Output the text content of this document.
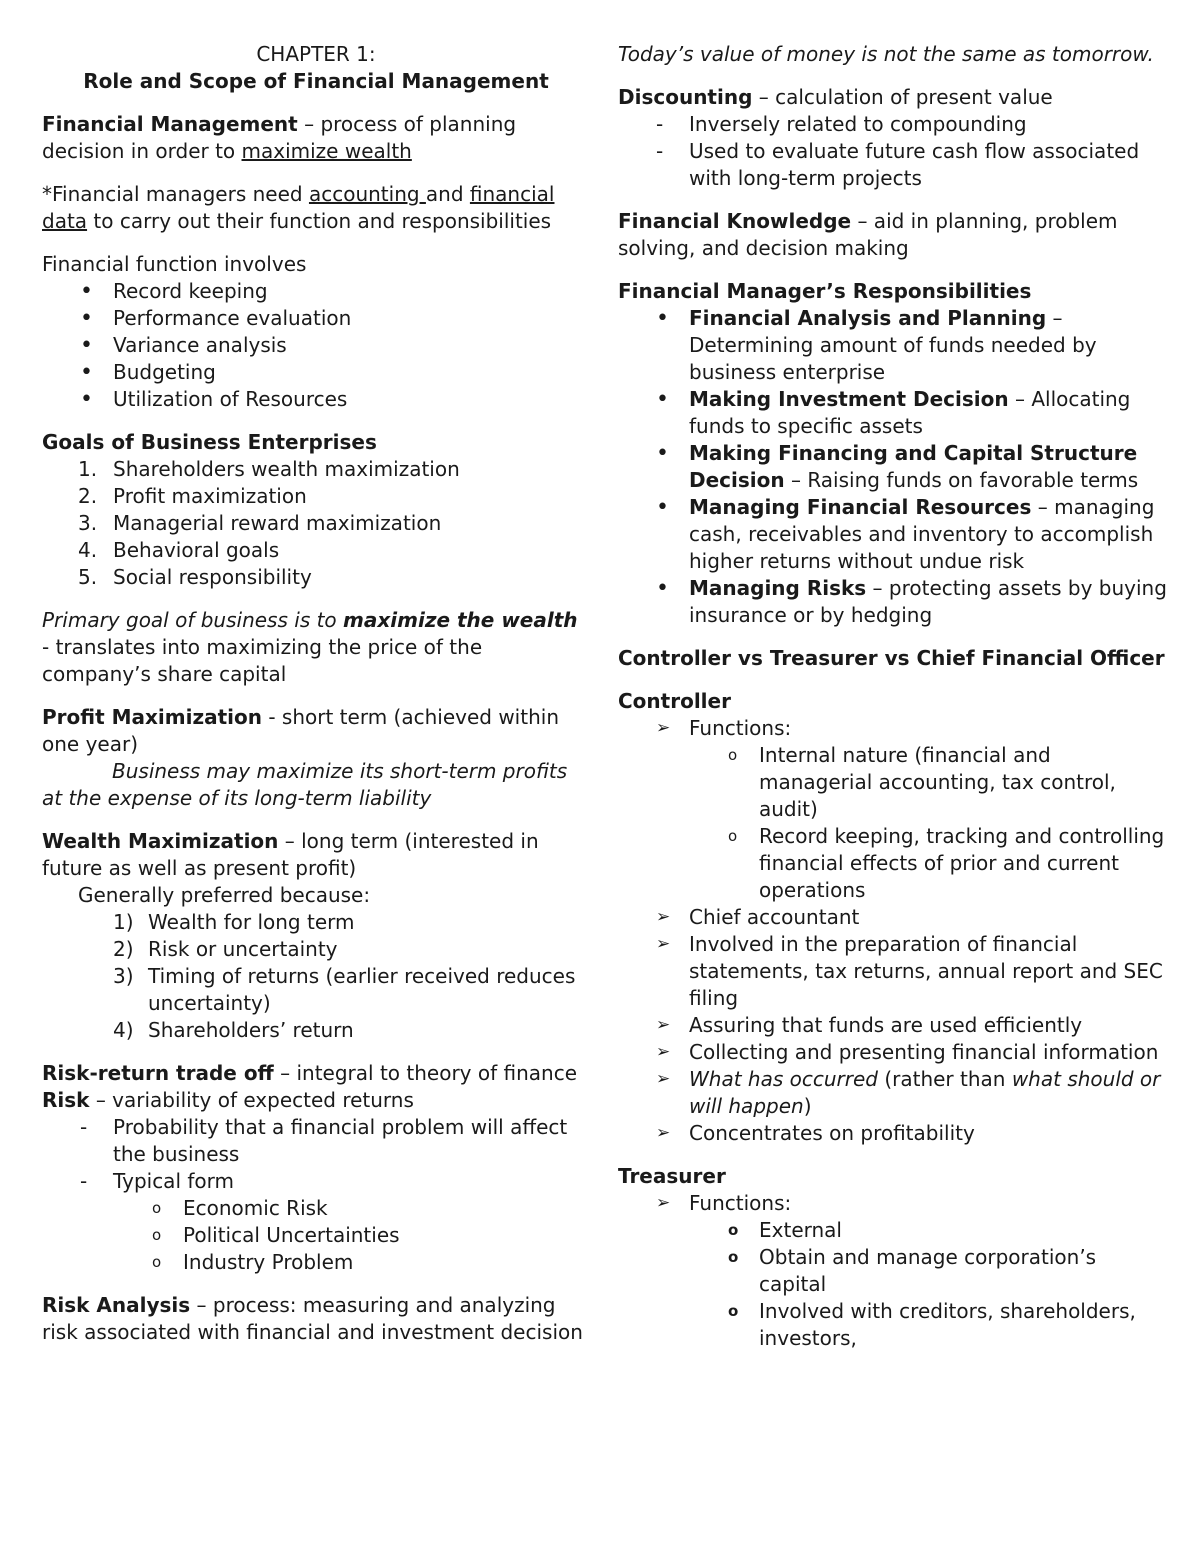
CHAPTER 1:

Role and Scope of Financial Management

Financial Management – process of planning decision in order to maximize wealth

*Financial managers need accounting and financial data to carry out their function and responsibilities

Financial function involves

•	Record keeping
•	Performance evaluation
•	Variance analysis
•	Budgeting
•	Utilization of Resources

Goals of Business Enterprises

1. Shareholders wealth maximization
2. Profit maximization
3. Managerial reward maximization
4. Behavioral goals
5. Social responsibility

Primary goal of business is to maximize the wealth

- translates into maximizing the price of the company’s share capital

Profit Maximization - short term (achieved within one year)

Business may maximize its short-term profits at the expense of its long-term liability

Wealth Maximization – long term (interested in future as well as present profit)

Generally preferred because:

1) Wealth for long term
2) Risk or uncertainty
3) Timing of returns (earlier received reduces uncertainty)
4) Shareholders’ return

Risk-return trade off – integral to theory of finance

Risk – variability of expected returns

-	Probability that a financial problem will affect the business
-	Typical form
o	Economic Risk
o	Political Uncertainties
o	Industry Problem

Risk Analysis – process: measuring and analyzing risk associated with financial and investment decision

Today’s value of money is not the same as tomorrow.

Discounting – calculation of present value

-	Inversely related to compounding
-	Used to evaluate future cash flow associated with long-term projects

Financial Knowledge – aid in planning, problem solving, and decision making

Financial Manager’s Responsibilities

•	Financial Analysis and Planning – Determining amount of funds needed by business enterprise
•	Making Investment Decision – Allocating funds to specific assets
•	Making Financing and Capital Structure Decision – Raising funds on favorable terms
•	Managing Financial Resources – managing cash, receivables and inventory to accomplish higher returns without undue risk
•	Managing Risks – protecting assets by buying insurance or by hedging

Controller vs Treasurer vs Chief Financial Officer

Controller

➢ Functions:
o	Internal nature (financial and managerial accounting, tax control, audit)
o	Record keeping, tracking and controlling financial effects of prior and current operations
➢ Chief accountant
➢ Involved in the preparation of financial statements, tax returns, annual report and SEC filing
➢ Assuring that funds are used efficiently
➢ Collecting and presenting financial information
➢ What has occurred (rather than what should or will happen)
➢ Concentrates on profitability

Treasurer

➢ Functions:
o	External
o	Obtain and manage corporation’s capital
o	Involved with creditors, shareholders, investors,
